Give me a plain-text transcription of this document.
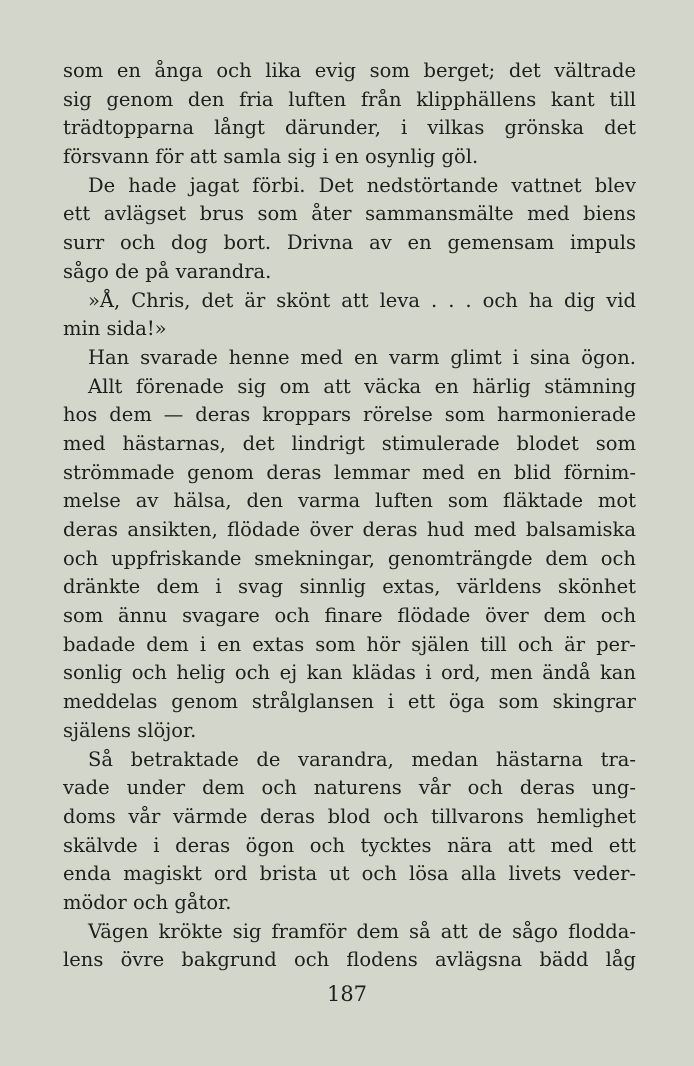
som en ånga och lika evig som berget; det vältrade
sig genom den fria luften från klipphällens kant till
trädtopparna långt därunder, i vilkas grönska det
försvann för att samla sig i en osynlig göl.
De hade jagat förbi. Det nedstörtande vattnet blev
ett avlägset brus som åter sammansmälte med biens
surr och dog bort. Drivna av en gemensam impuls
sågo de på varandra.
»Å, Chris, det är skönt att leva . . . och ha dig vid
min sida!»
Han svarade henne med en varm glimt i sina ögon.
Allt förenade sig om att väcka en härlig stämning
hos dem — deras kroppars rörelse som harmonierade
med hästarnas, det lindrigt stimulerade blodet som
strömmade genom deras lemmar med en blid förnim-
melse av hälsa, den varma luften som fläktade mot
deras ansikten, flödade över deras hud med balsamiska
och uppfriskande smekningar, genomträngde dem och
dränkte dem i svag sinnlig extas, världens skönhet
som ännu svagare och finare flödade över dem och
badade dem i en extas som hör själen till och är per-
sonlig och helig och ej kan klädas i ord, men ändå kan
meddelas genom strålglansen i ett öga som skingrar
själens slöjor.
Så betraktade de varandra, medan hästarna tra-
vade under dem och naturens vår och deras ung-
doms vår värmde deras blod och tillvarons hemlighet
skälvde i deras ögon och tycktes nära att med ett
enda magiskt ord brista ut och lösa alla livets veder-
mödor och gåtor.
Vägen krökte sig framför dem så att de sågo flodda-
lens övre bakgrund och flodens avlägsna bädd låg
187
